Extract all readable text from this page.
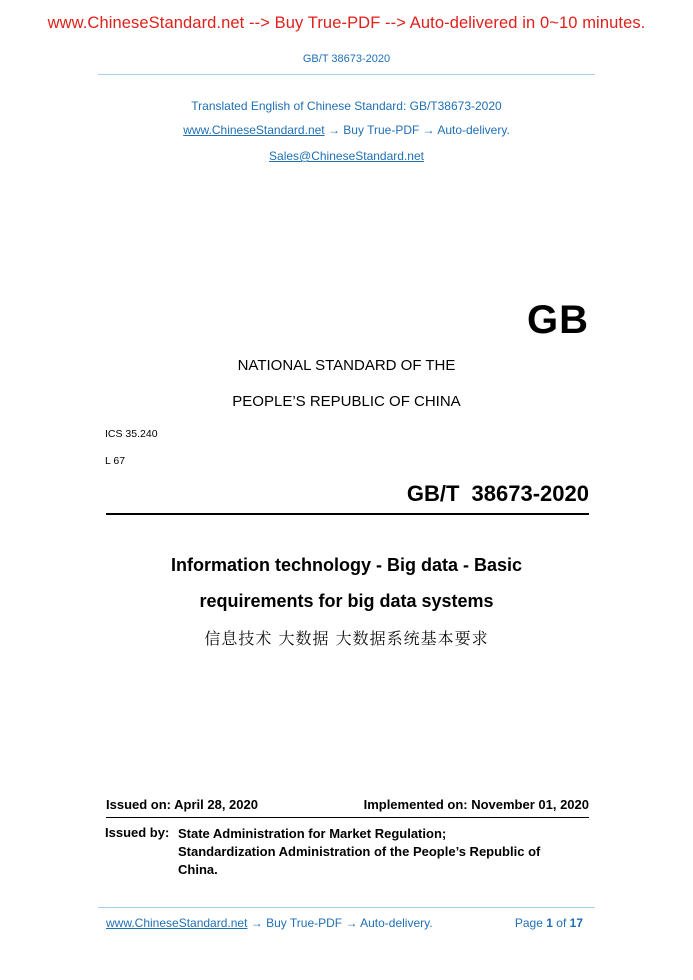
www.ChineseStandard.net --> Buy True-PDF --> Auto-delivered in 0~10 minutes.
GB/T 38673-2020
Translated English of Chinese Standard: GB/T38673-2020
www.ChineseStandard.net → Buy True-PDF → Auto-delivery.
Sales@ChineseStandard.net
GB
NATIONAL STANDARD OF THE
PEOPLE’S REPUBLIC OF CHINA
ICS 35.240
L 67
GB/T 38673-2020
Information technology - Big data - Basic
requirements for big data systems
信息技术 大数据 大数据系统基本要求
Issued on: April 28, 2020	Implemented on: November 01, 2020
Issued by: State Administration for Market Regulation;
Standardization Administration of the People’s Republic of
China.
www.ChineseStandard.net → Buy True-PDF → Auto-delivery.	Page 1 of 17
